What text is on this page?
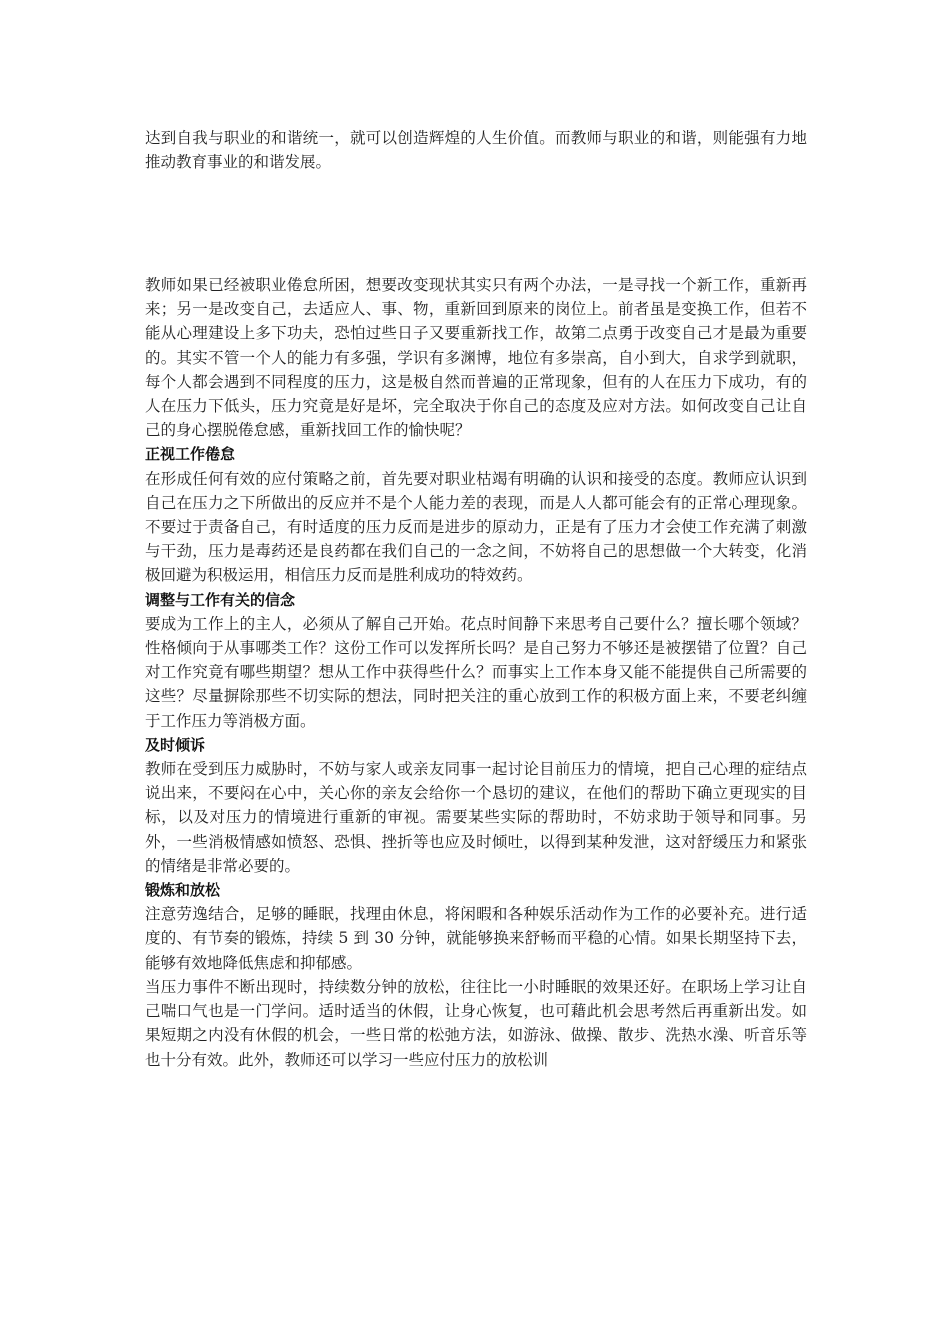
达到自我与职业的和谐统一，就可以创造辉煌的人生价值。而教师与职业的和谐，则能强有力地推动教育事业的和谐发展。

教师如果已经被职业倦怠所困，想要改变现状其实只有两个办法，一是寻找一个新工作，重新再来；另一是改变自己，去适应人、事、物，重新回到原来的岗位上。前者虽是变换工作，但若不能从心理建设上多下功夫，恐怕过些日子又要重新找工作，故第二点勇于改变自己才是最为重要的。其实不管一个人的能力有多强，学识有多渊博，地位有多崇高，自小到大，自求学到就职，每个人都会遇到不同程度的压力，这是极自然而普遍的正常现象，但有的人在压力下成功，有的人在压力下低头，压力究竟是好是坏，完全取决于你自己的态度及应对方法。如何改变自己让自己的身心摆脱倦怠感，重新找回工作的愉快呢？

正视工作倦怠

在形成任何有效的应付策略之前，首先要对职业枯竭有明确的认识和接受的态度。教师应认识到自己在压力之下所做出的反应并不是个人能力差的表现，而是人人都可能会有的正常心理现象。不要过于责备自己，有时适度的压力反而是进步的原动力，正是有了压力才会使工作充满了刺激与干劲，压力是毒药还是良药都在我们自己的一念之间，不妨将自己的思想做一个大转变，化消极回避为积极运用，相信压力反而是胜利成功的特效药。

调整与工作有关的信念

要成为工作上的主人，必须从了解自己开始。花点时间静下来思考自己要什么？擅长哪个领域？性格倾向于从事哪类工作？这份工作可以发挥所长吗？是自己努力不够还是被摆错了位置？自己对工作究竟有哪些期望？想从工作中获得些什么？而事实上工作本身又能不能提供自己所需要的这些？尽量摒除那些不切实际的想法，同时把关注的重心放到工作的积极方面上来，不要老纠缠于工作压力等消极方面。

及时倾诉

教师在受到压力威胁时，不妨与家人或亲友同事一起讨论目前压力的情境，把自己心理的症结点说出来，不要闷在心中，关心你的亲友会给你一个恳切的建议，在他们的帮助下确立更现实的目标，以及对压力的情境进行重新的审视。需要某些实际的帮助时，不妨求助于领导和同事。另外，一些消极情感如愤怒、恐惧、挫折等也应及时倾吐，以得到某种发泄，这对舒缓压力和紧张的情绪是非常必要的。

锻炼和放松

注意劳逸结合，足够的睡眠，找理由休息，将闲暇和各种娱乐活动作为工作的必要补充。进行适度的、有节奏的锻炼，持续 5 到 30 分钟，就能够换来舒畅而平稳的心情。如果长期坚持下去，能够有效地降低焦虑和抑郁感。

当压力事件不断出现时，持续数分钟的放松，往往比一小时睡眠的效果还好。在职场上学习让自己喘口气也是一门学问。适时适当的休假，让身心恢复，也可藉此机会思考然后再重新出发。如果短期之内没有休假的机会，一些日常的松弛方法，如游泳、做操、散步、洗热水澡、听音乐等也十分有效。此外，教师还可以学习一些应付压力的放松训
